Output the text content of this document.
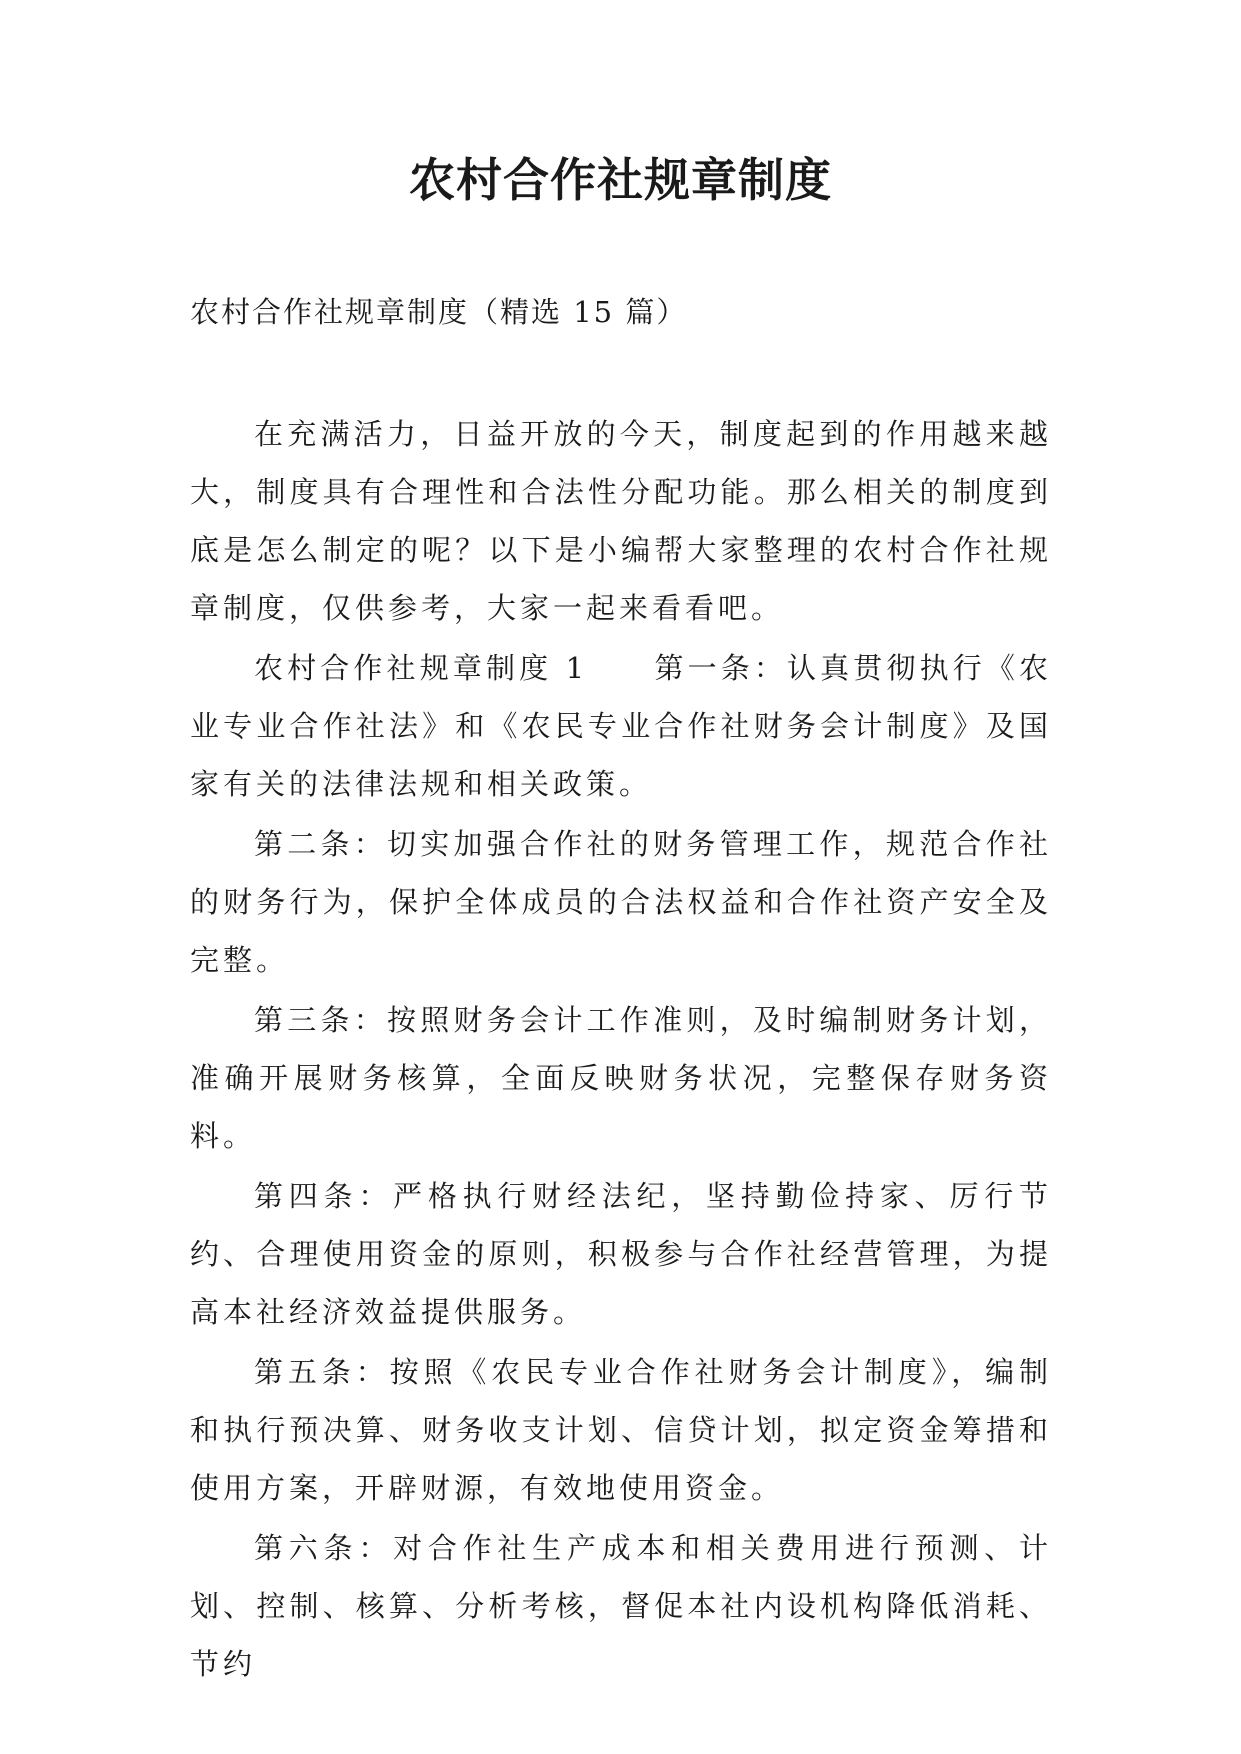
农村合作社规章制度

农村合作社规章制度（精选 15 篇）

在充满活力，日益开放的今天，制度起到的作用越来越大，制度具有合理性和合法性分配功能。那么相关的制度到底是怎么制定的呢？以下是小编帮大家整理的农村合作社规章制度，仅供参考，大家一起来看看吧。

农村合作社规章制度 1　　第一条：认真贯彻执行《农业专业合作社法》和《农民专业合作社财务会计制度》及国家有关的法律法规和相关政策。

第二条：切实加强合作社的财务管理工作，规范合作社的财务行为，保护全体成员的合法权益和合作社资产安全及完整。

第三条：按照财务会计工作准则，及时编制财务计划，准确开展财务核算，全面反映财务状况，完整保存财务资料。

第四条：严格执行财经法纪，坚持勤俭持家、厉行节约、合理使用资金的原则，积极参与合作社经营管理，为提高本社经济效益提供服务。

第五条：按照《农民专业合作社财务会计制度》，编制和执行预决算、财务收支计划、信贷计划，拟定资金筹措和使用方案，开辟财源，有效地使用资金。

第六条：对合作社生产成本和相关费用进行预测、计划、控制、核算、分析考核，督促本社内设机构降低消耗、节约
